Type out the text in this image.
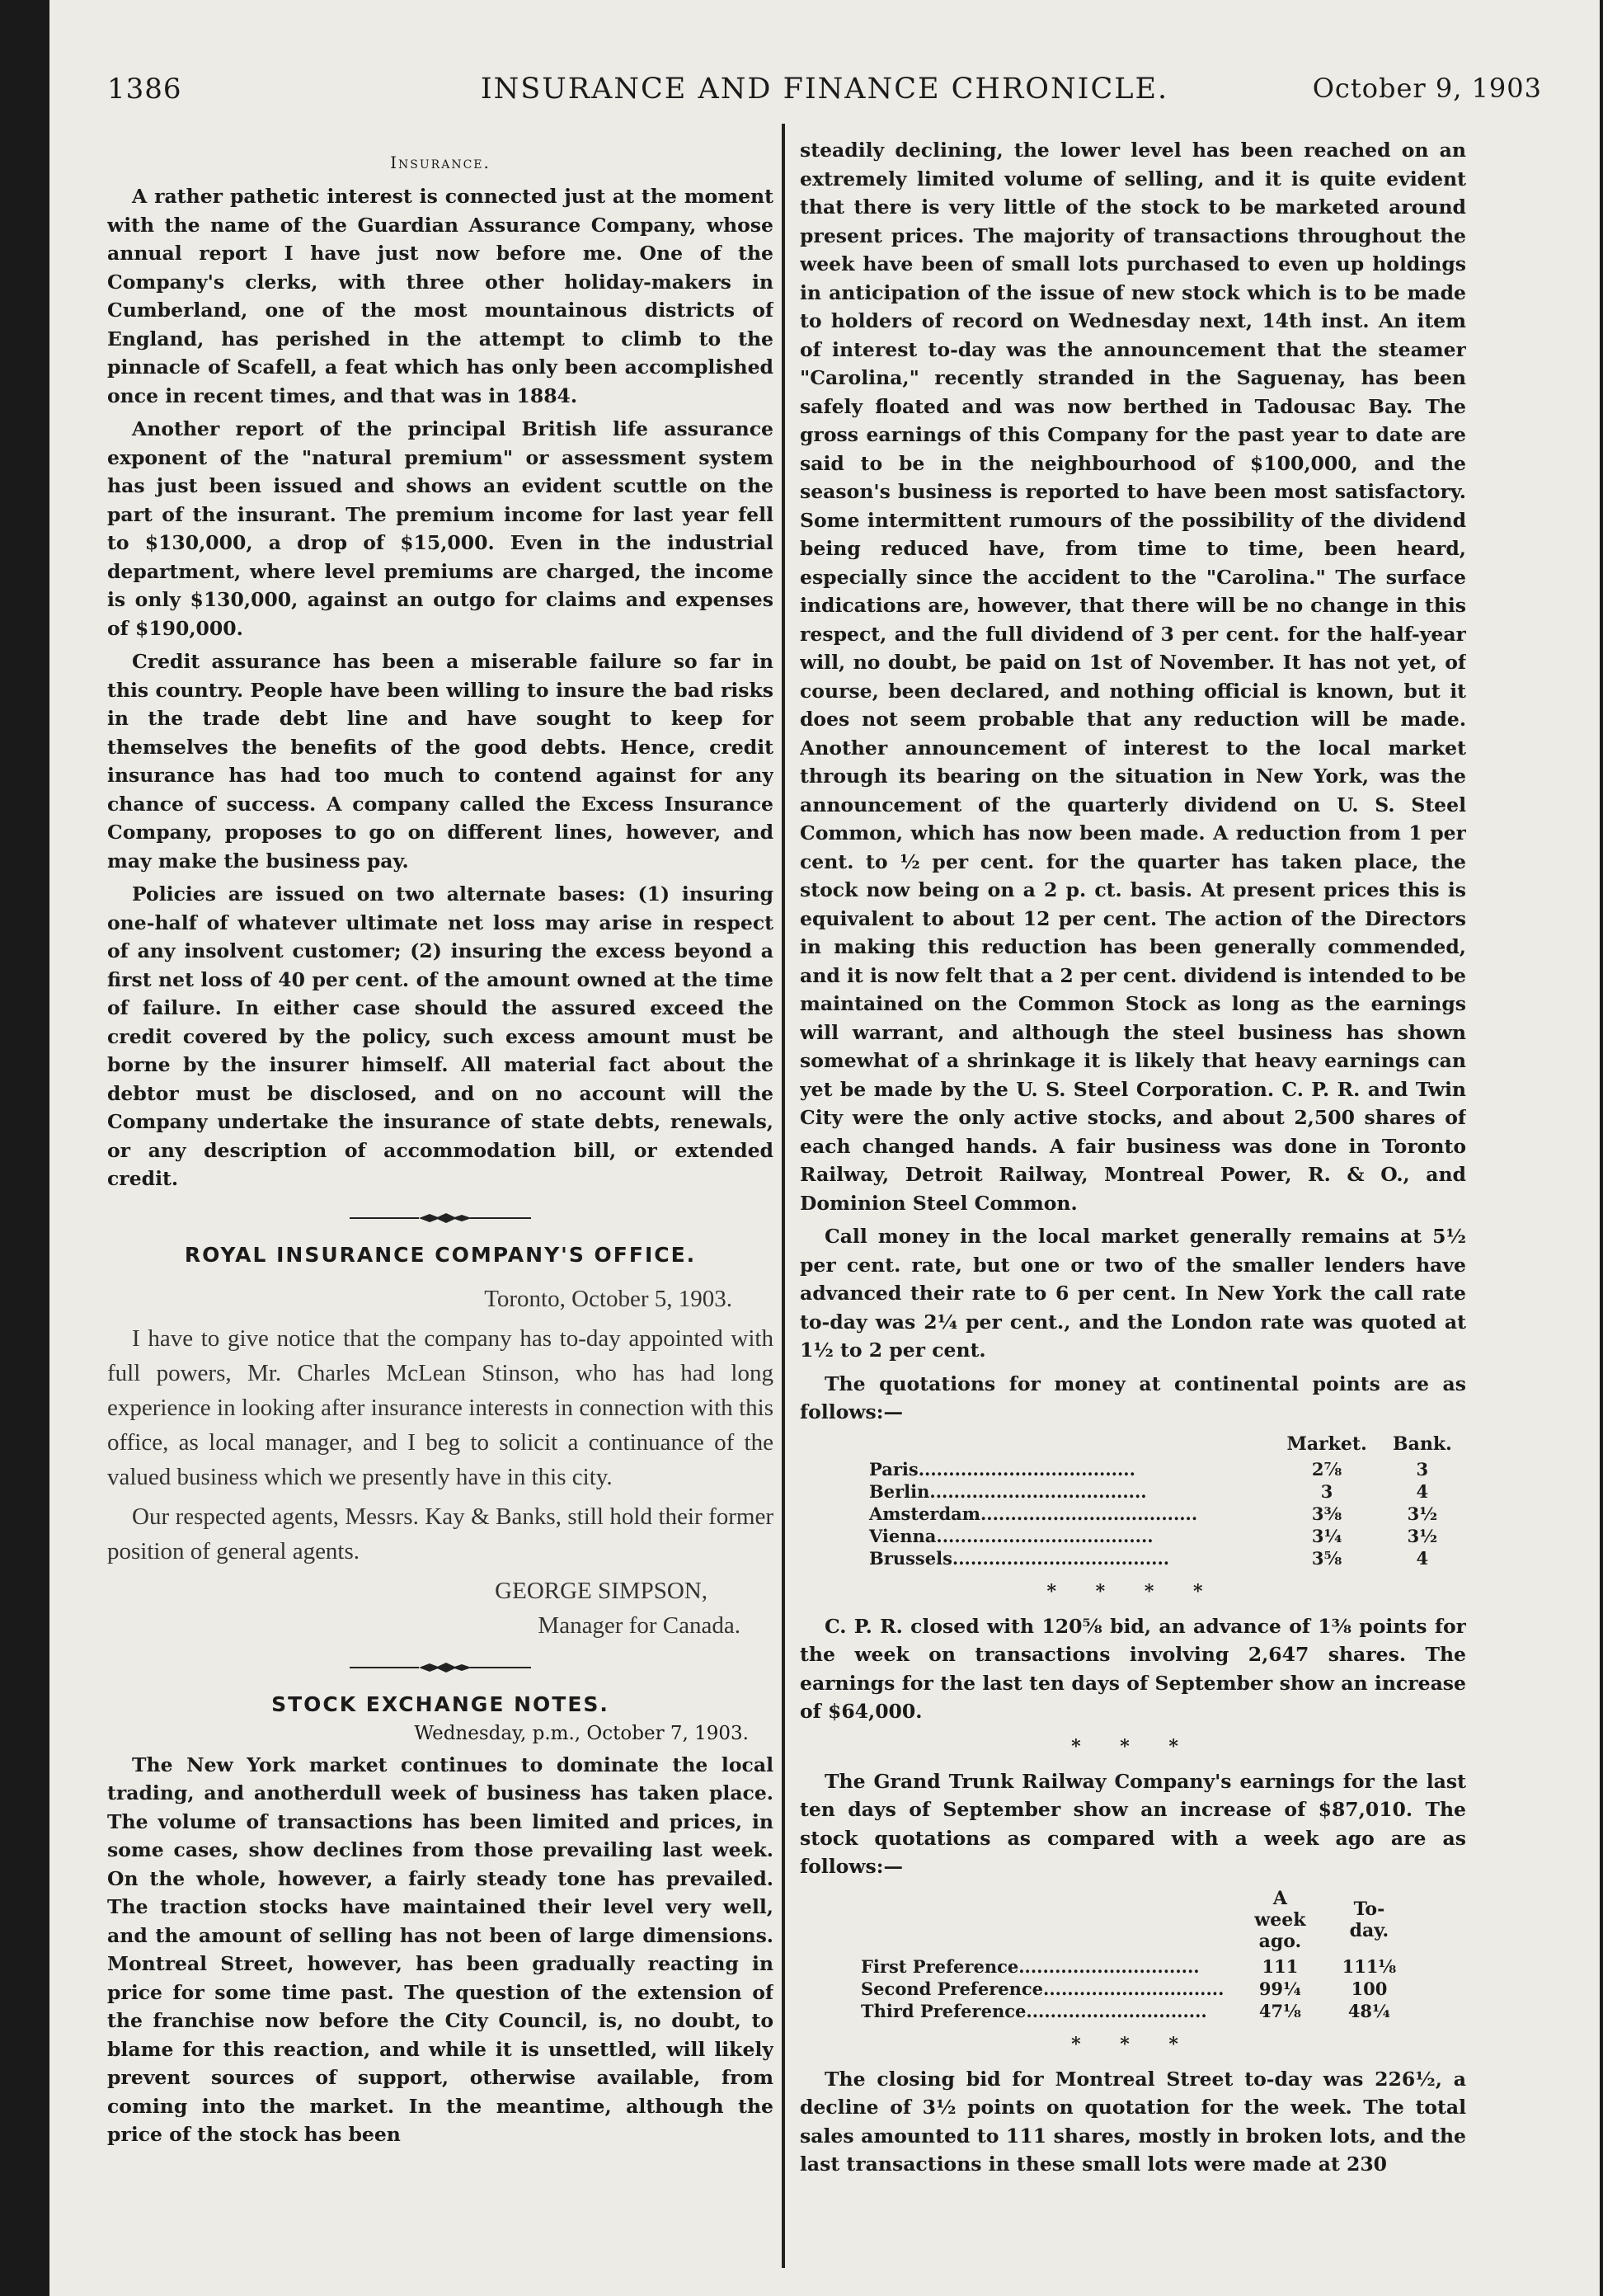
1386	INSURANCE AND FINANCE CHRONICLE.	October 9, 1903
Insurance.

A rather pathetic interest is connected just at the moment with the name of the Guardian Assurance Company, whose annual report I have just now before me. One of the Company's clerks, with three other holiday-makers in Cumberland, one of the most mountainous districts of England, has perished in the attempt to climb to the pinnacle of Scafell, a feat which has only been accomplished once in recent times, and that was in 1884.

Another report of the principal British life assurance exponent of the "natural premium" or assessment system has just been issued and shows an evident scuttle on the part of the insurant. The premium income for last year fell to $130,000, a drop of $15,000. Even in the industrial department, where level premiums are charged, the income is only $130,000, against an outgo for claims and expenses of $190,000.

Credit assurance has been a miserable failure so far in this country. People have been willing to insure the bad risks in the trade debt line and have sought to keep for themselves the benefits of the good debts. Hence, credit insurance has had too much to contend against for any chance of success. A company called the Excess Insurance Company, proposes to go on different lines, however, and may make the business pay.

Policies are issued on two alternate bases: (1) insuring one-half of whatever ultimate net loss may arise in respect of any insolvent customer; (2) insuring the excess beyond a first net loss of 40 per cent. of the amount owned at the time of failure. In either case should the assured exceed the credit covered by the policy, such excess amount must be borne by the insurer himself. All material fact about the debtor must be disclosed, and on no account will the Company undertake the insurance of state debts, renewals, or any description of accommodation bill, or extended credit.

ROYAL INSURANCE COMPANY'S OFFICE.

Toronto, October 5, 1903.

I have to give notice that the company has to-day appointed with full powers, Mr. Charles McLean Stinson, who has had long experience in looking after insurance interests in connection with this office, as local manager, and I beg to solicit a continuance of the valued business which we presently have in this city.

Our respected agents, Messrs. Kay & Banks, still hold their former position of general agents.

GEORGE SIMPSON,

Manager for Canada.

STOCK EXCHANGE NOTES.
Wednesday, p.m., October 7, 1903.

The New York market continues to dominate the local trading, and anotherdull week of business has taken place. The volume of transactions has been limited and prices, in some cases, show declines from those prevailing last week. On the whole, however, a fairly steady tone has prevailed. The traction stocks have maintained their level very well, and the amount of selling has not been of large dimensions. Montreal Street, however, has been gradually reacting in price for some time past. The question of the extension of the franchise now before the City Council, is, no doubt, to blame for this reaction, and while it is unsettled, will likely prevent sources of support, otherwise available, from coming into the market. In the meantime, although the price of the stock has been

steadily declining, the lower level has been reached on an extremely limited volume of selling, and it is quite evident that there is very little of the stock to be marketed around present prices. The majority of transactions throughout the week have been of small lots purchased to even up holdings in anticipation of the issue of new stock which is to be made to holders of record on Wednesday next, 14th inst. An item of interest to-day was the announcement that the steamer "Carolina," recently stranded in the Saguenay, has been safely floated and was now berthed in Tadousac Bay. The gross earnings of this Company for the past year to date are said to be in the neighbourhood of $100,000, and the season's business is reported to have been most satisfactory. Some intermittent rumours of the possibility of the dividend being reduced have, from time to time, been heard, especially since the accident to the "Carolina." The surface indications are, however, that there will be no change in this respect, and the full dividend of 3 per cent. for the half-year will, no doubt, be paid on 1st of November. It has not yet, of course, been declared, and nothing official is known, but it does not seem probable that any reduction will be made. Another announcement of interest to the local market through its bearing on the situation in New York, was the announcement of the quarterly dividend on U. S. Steel Common, which has now been made. A reduction from 1 per cent. to ½ per cent. for the quarter has taken place, the stock now being on a 2 p. ct. basis. At present prices this is equivalent to about 12 per cent. The action of the Directors in making this reduction has been generally commended, and it is now felt that a 2 per cent. dividend is intended to be maintained on the Common Stock as long as the earnings will warrant, and although the steel business has shown somewhat of a shrinkage it is likely that heavy earnings can yet be made by the U. S. Steel Corporation. C. P. R. and Twin City were the only active stocks, and about 2,500 shares of each changed hands. A fair business was done in Toronto Railway, Detroit Railway, Montreal Power, R. & O., and Dominion Steel Common.

Call money in the local market generally remains at 5½ per cent. rate, but one or two of the smaller lenders have advanced their rate to 6 per cent. In New York the call rate to-day was 2¼ per cent., and the London rate was quoted at 1½ to 2 per cent.

The quotations for money at continental points are as follows:—

	Market.	Bank.
Paris....................................	2⅞	3
Berlin....................................	3	4
Amsterdam....................................	3⅜	3½
Vienna....................................	3¼	3½
Brussels....................................	3⅝	4
* * * *

C. P. R. closed with 120⅝ bid, an advance of 1⅜ points for the week on transactions involving 2,647 shares. The earnings for the last ten days of September show an increase of $64,000.

* * *

The Grand Trunk Railway Company's earnings for the last ten days of September show an increase of $87,010. The stock quotations as compared with a week ago are as follows:—

	A week ago.	To-day.
First Preference..............................	111	111⅛
Second Preference..............................	99¼	100
Third Preference..............................	47⅛	48¼
* * *

The closing bid for Montreal Street to-day was 226½, a decline of 3½ points on quotation for the week. The total sales amounted to 111 shares, mostly in broken lots, and the last transactions in these small lots were made at 230
